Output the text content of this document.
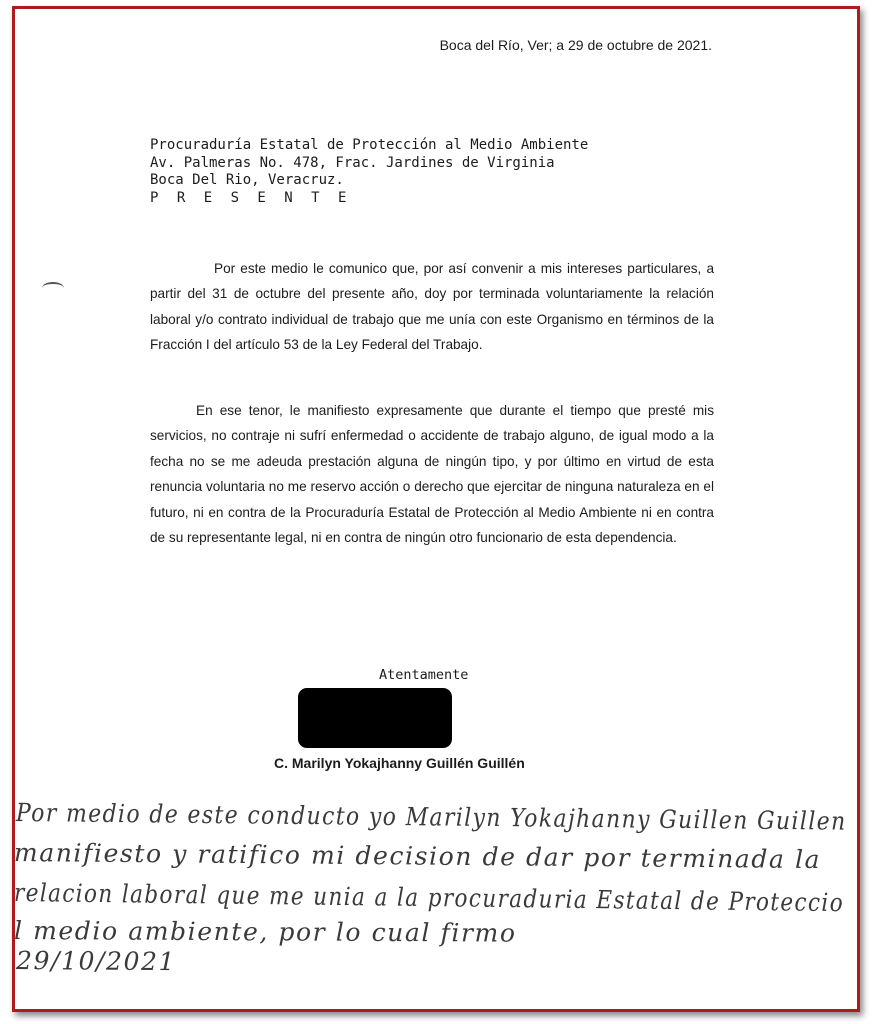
Boca del Río, Ver; a 29 de octubre de 2021.
Procuraduría Estatal de Protección al Medio Ambiente
Av. Palmeras No. 478, Frac. Jardines de Virginia
Boca Del Rio, Veracruz.
P R E S E N T E
Por este medio le comunico que, por así convenir a mis intereses particulares, a partir del 31 de octubre del presente año, doy por terminada voluntariamente la relación laboral y/o contrato individual de trabajo que me unía con este Organismo en términos de la Fracción I del artículo 53 de la Ley Federal del Trabajo.
En ese tenor, le manifiesto expresamente que durante el tiempo que presté mis servicios, no contraje ni sufrí enfermedad o accidente de trabajo alguno, de igual modo a la fecha no se me adeuda prestación alguna de ningún tipo, y por último en virtud de esta renuncia voluntaria no me reservo acción o derecho que ejercitar de ninguna naturaleza en el futuro, ni en contra de la Procuraduría Estatal de Protección al Medio Ambiente ni en contra de su representante legal, ni en contra de ningún otro funcionario de esta dependencia.
Atentamente
C. Marilyn Yokajhanny Guillén Guillén
Por medio de este conducto yo Marilyn Yokajhanny Guillen Guillen
manifiesto y ratifico mi decision de dar por terminada la
relacion laboral que me unia a la procuraduria Estatal de Proteccio
l medio ambiente, por lo cual firmo
29/10/2021
